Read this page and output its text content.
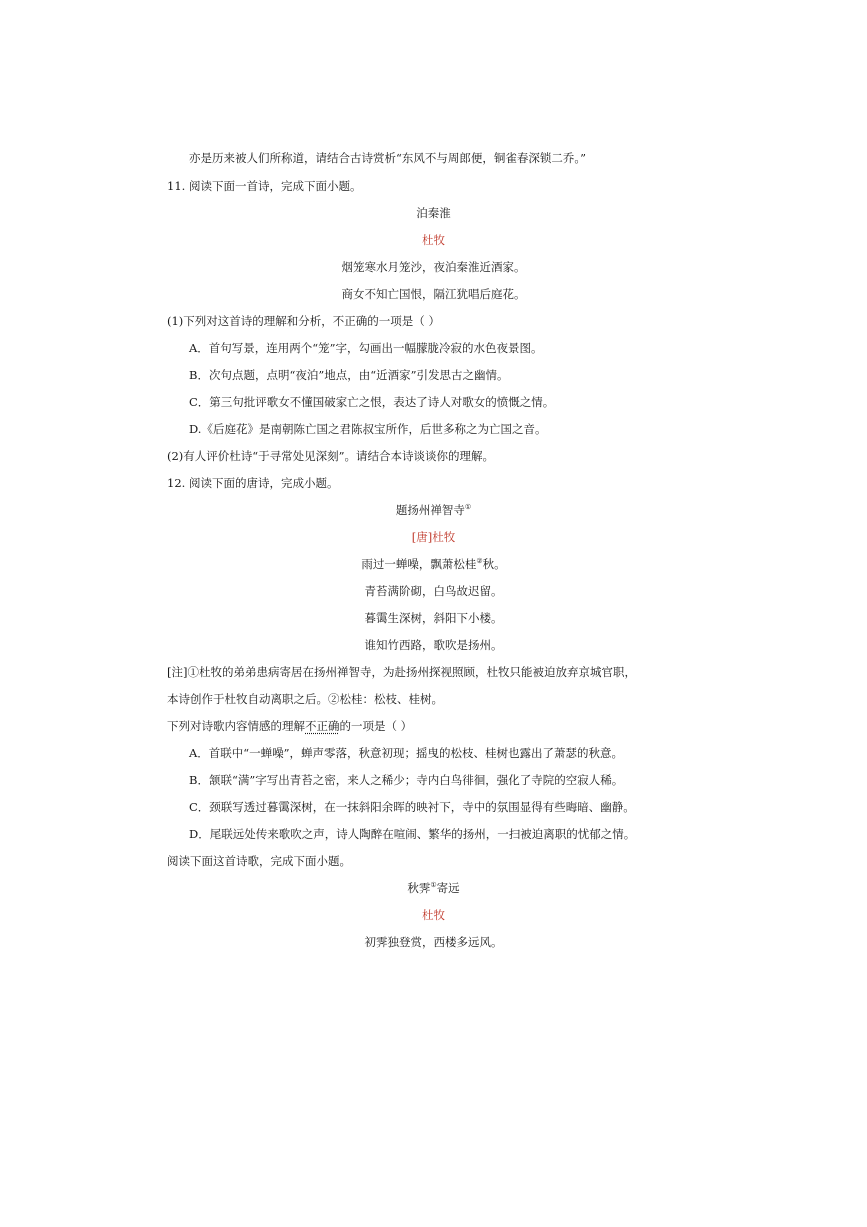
亦是历来被人们所称道，请结合古诗赏析“东风不与周郎便，铜雀春深锁二乔。”
11. 阅读下面一首诗，完成下面小题。
泊秦淮
杜牧
烟笼寒水月笼沙，夜泊秦淮近酒家。
商女不知亡国恨，隔江犹唱后庭花。
(1)下列对这首诗的理解和分析，不正确的一项是（ ）
A．首句写景，连用两个“笼”字，勾画出一幅朦胧冷寂的水色夜景图。
B．次句点题，点明“夜泊”地点，由“近酒家”引发思古之幽情。
C．第三句批评歌女不懂国破家亡之恨，表达了诗人对歌女的愤慨之情。
D.《后庭花》是南朝陈亡国之君陈叔宝所作，后世多称之为亡国之音。
(2)有人评价杜诗“于寻常处见深刻”。请结合本诗谈谈你的理解。
12. 阅读下面的唐诗，完成小题。
题扬州禅智寺①
[唐]杜牧
雨过一蝉噪，飘萧松桂②秋。
青苔满阶砌，白鸟故迟留。
暮霭生深树，斜阳下小楼。
谁知竹西路，歌吹是扬州。
[注]①杜牧的弟弟患病寄居在扬州禅智寺，为赴扬州探视照顾，杜牧只能被迫放弃京城官职，
本诗创作于杜牧自动离职之后。②松桂：松枝、桂树。
下列对诗歌内容情感的理解不正确的一项是（ ）
A．首联中“一蝉噪”，蝉声零落，秋意初现；摇曳的松枝、桂树也露出了萧瑟的秋意。
B．颔联“满”字写出青苔之密，来人之稀少；寺内白鸟徘徊，强化了寺院的空寂人稀。
C．颈联写透过暮霭深树，在一抹斜阳余晖的映衬下，寺中的氛围显得有些晦暗、幽静。
D．尾联远处传来歌吹之声，诗人陶醉在喧闹、繁华的扬州，一扫被迫离职的忧郁之情。
阅读下面这首诗歌，完成下面小题。
秋霁①寄远
杜牧
初霁独登赏，西楼多远风。
